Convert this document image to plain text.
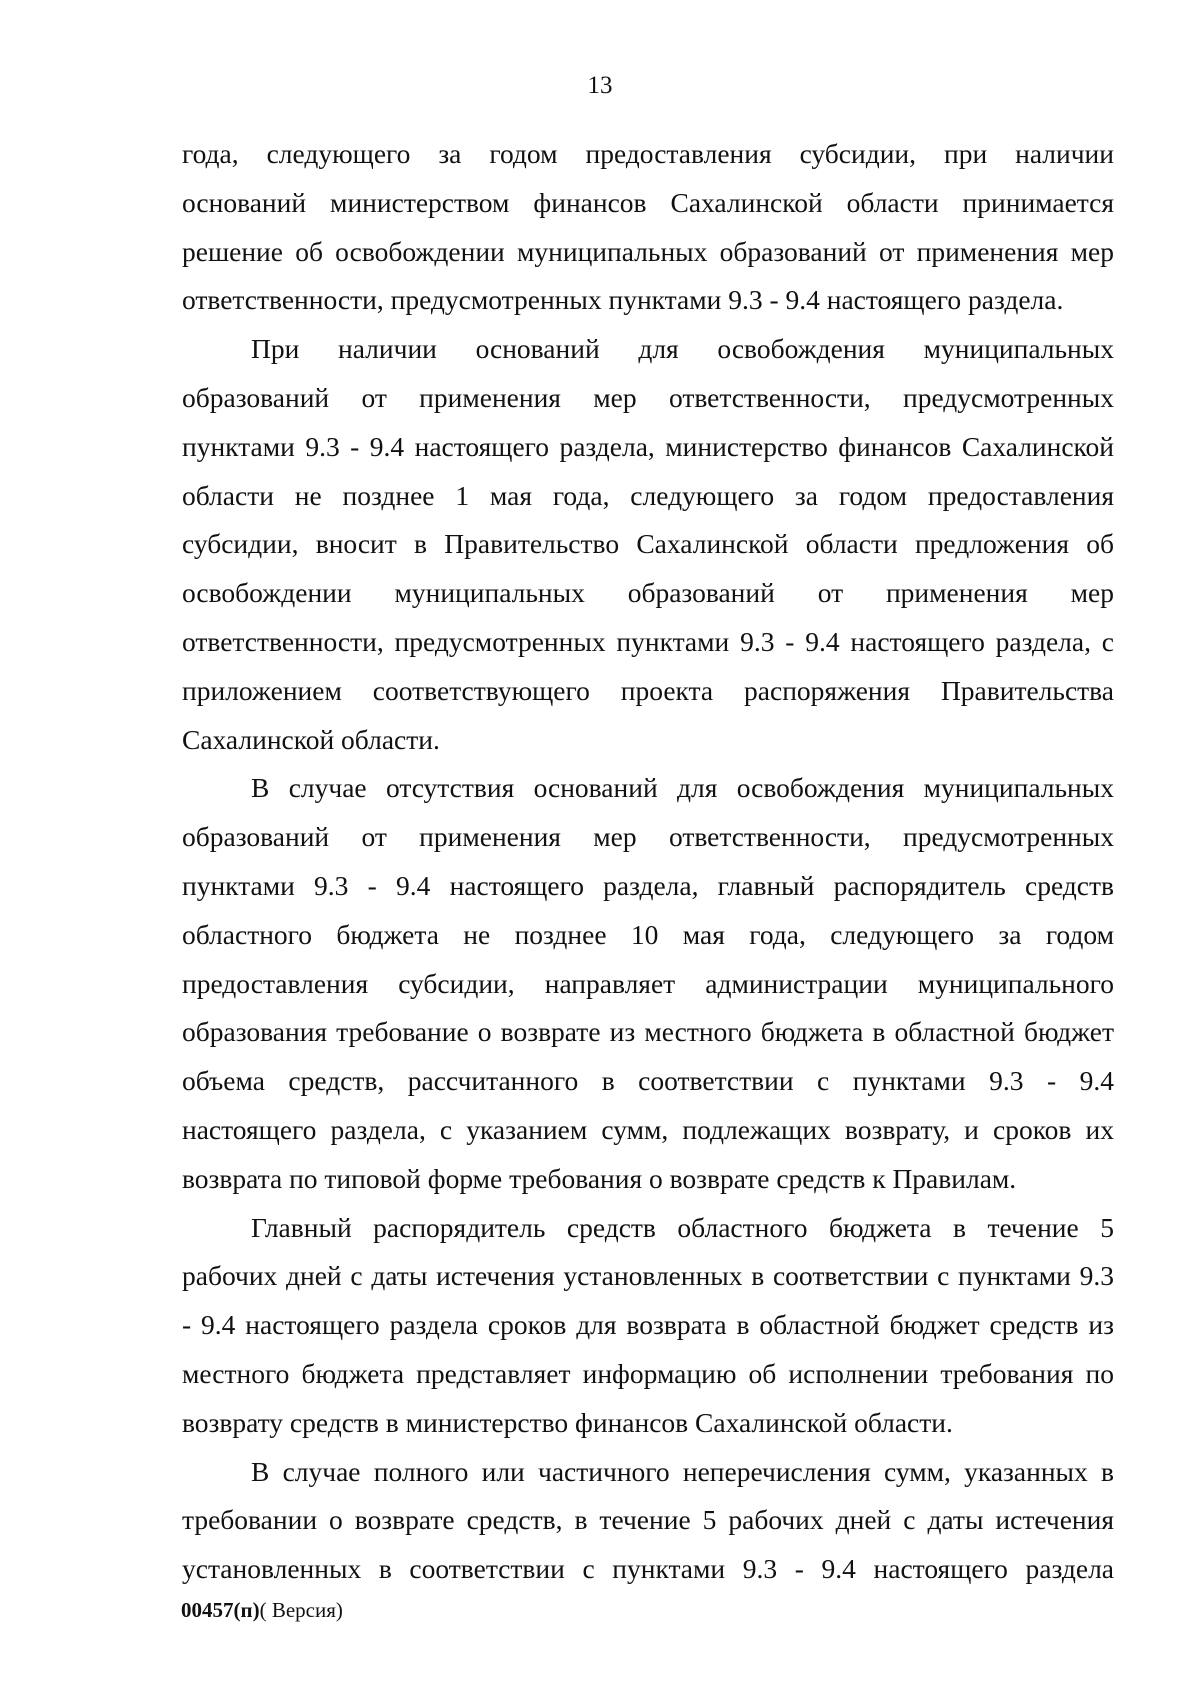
13
года, следующего за годом предоставления субсидии, при наличии
оснований министерством финансов Сахалинской области принимается
решение об освобождении муниципальных образований от применения мер
ответственности, предусмотренных пунктами 9.3 - 9.4 настоящего раздела.
При наличии оснований для освобождения муниципальных
образований от применения мер ответственности, предусмотренных
пунктами 9.3 - 9.4 настоящего раздела, министерство финансов Сахалинской
области не позднее 1 мая года, следующего за годом предоставления
субсидии, вносит в Правительство Сахалинской области предложения об
освобождении муниципальных образований от применения мер
ответственности, предусмотренных пунктами 9.3 - 9.4 настоящего раздела, с
приложением соответствующего проекта распоряжения Правительства
Сахалинской области.
В случае отсутствия оснований для освобождения муниципальных
образований от применения мер ответственности, предусмотренных
пунктами 9.3 - 9.4 настоящего раздела, главный распорядитель средств
областного бюджета не позднее 10 мая года, следующего за годом
предоставления субсидии, направляет администрации муниципального
образования требование о возврате из местного бюджета в областной бюджет
объема средств, рассчитанного в соответствии с пунктами 9.3 - 9.4
настоящего раздела, с указанием сумм, подлежащих возврату, и сроков их
возврата по типовой форме требования о возврате средств к Правилам.
Главный распорядитель средств областного бюджета в течение 5
рабочих дней с даты истечения установленных в соответствии с пунктами 9.3
- 9.4 настоящего раздела сроков для возврата в областной бюджет средств из
местного бюджета представляет информацию об исполнении требования по
возврату средств в министерство финансов Сахалинской области.
В случае полного или частичного неперечисления сумм, указанных в
требовании о возврате средств, в течение 5 рабочих дней с даты истечения
установленных в соответствии с пунктами 9.3 - 9.4 настоящего раздела
00457(п)( Версия)
